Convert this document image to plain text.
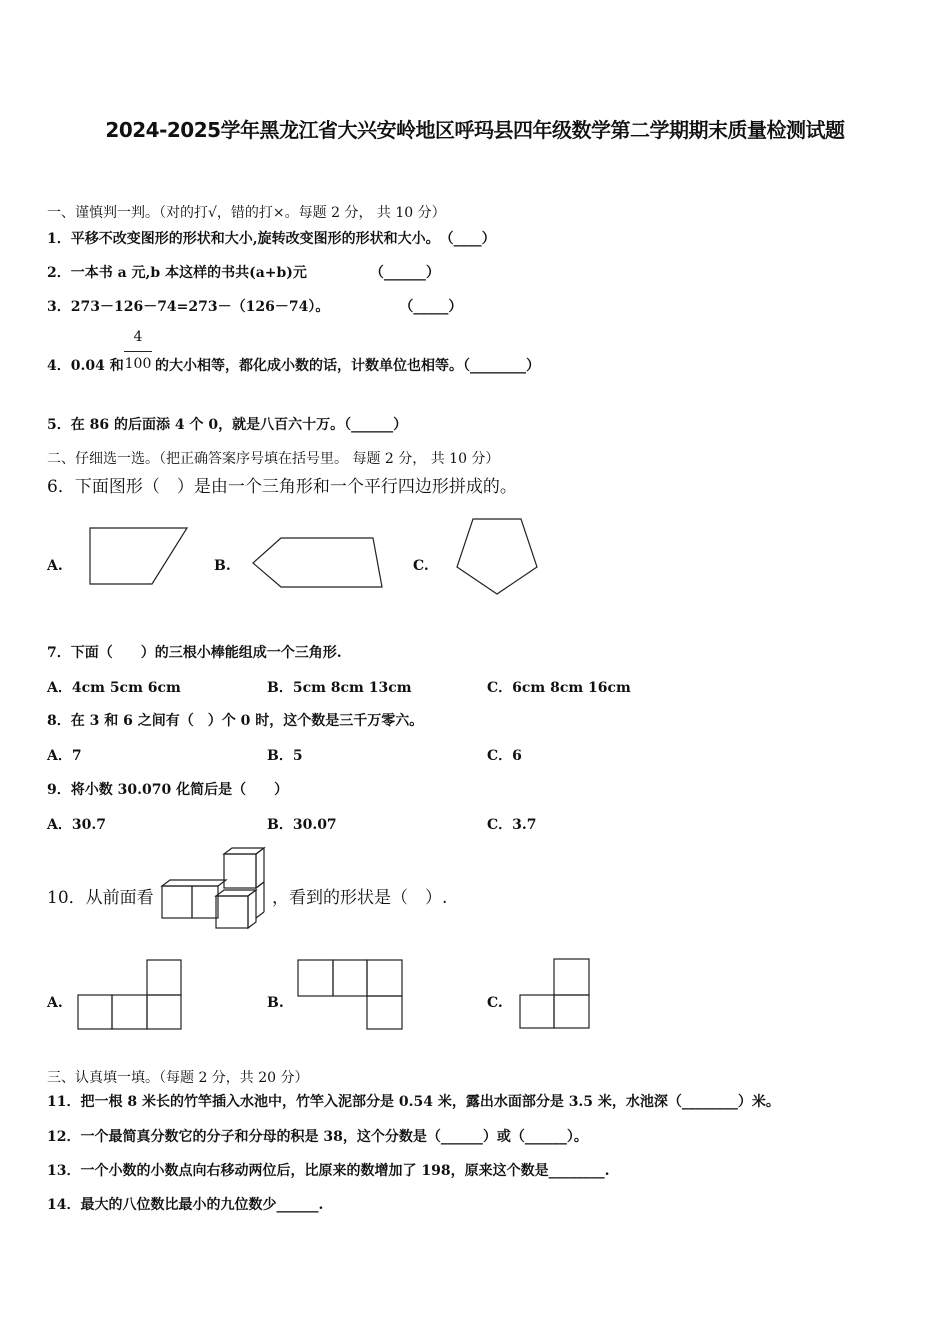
2024-2025学年黑龙江省大兴安岭地区呼玛县四年级数学第二学期期末质量检测试题
一、谨慎判一判。（对的打√，错的打×。每题 2 分， 共 10 分）
1．平移不改变图形的形状和大小,旋转改变图形的形状和大小。　（____）
2．一本书 a 元,b 本这样的书共(a+b)元　　　　　（______）
3．273－126－74=273－（126－74）。　　　　　　（_____）
4．0.04 和
4
100 的大小相等，都化成小数的话，计数单位也相等。（________）
5．在 86 的后面添 4 个 0，就是八百六十万。（______）
二、仔细选一选。（把正确答案序号填在括号里。 每题 2 分， 共 10 分）
6．下面图形（　）是由一个三角形和一个平行四边形拼成的。
A.	B.	C.
7．下面（　　）的三根小棒能组成一个三角形.
A．4cm 5cm 6cm	B．5cm 8cm 13cm	C．6cm 8cm 16cm
8．在 3 和 6 之间有（　）个 0 时，这个数是三千万零六。
A．7	B．5	C．6
9．将小数 30.070 化简后是（　　）
A．30.7	B．30.07	C．3.7
10．从前面看	，看到的形状是（　）.
A.	B.	C.
三、认真填一填。（每题 2 分，共 20 分）
11．把一根 8 米长的竹竿插入水池中，竹竿入泥部分是 0.54 米，露出水面部分是 3.5 米，水池深（________）米。
12．一个最简真分数它的分子和分母的积是 38，这个分数是（______）或（______）。
13．一个小数的小数点向右移动两位后，比原来的数增加了 198，原来这个数是________.
14．最大的八位数比最小的九位数少______.
